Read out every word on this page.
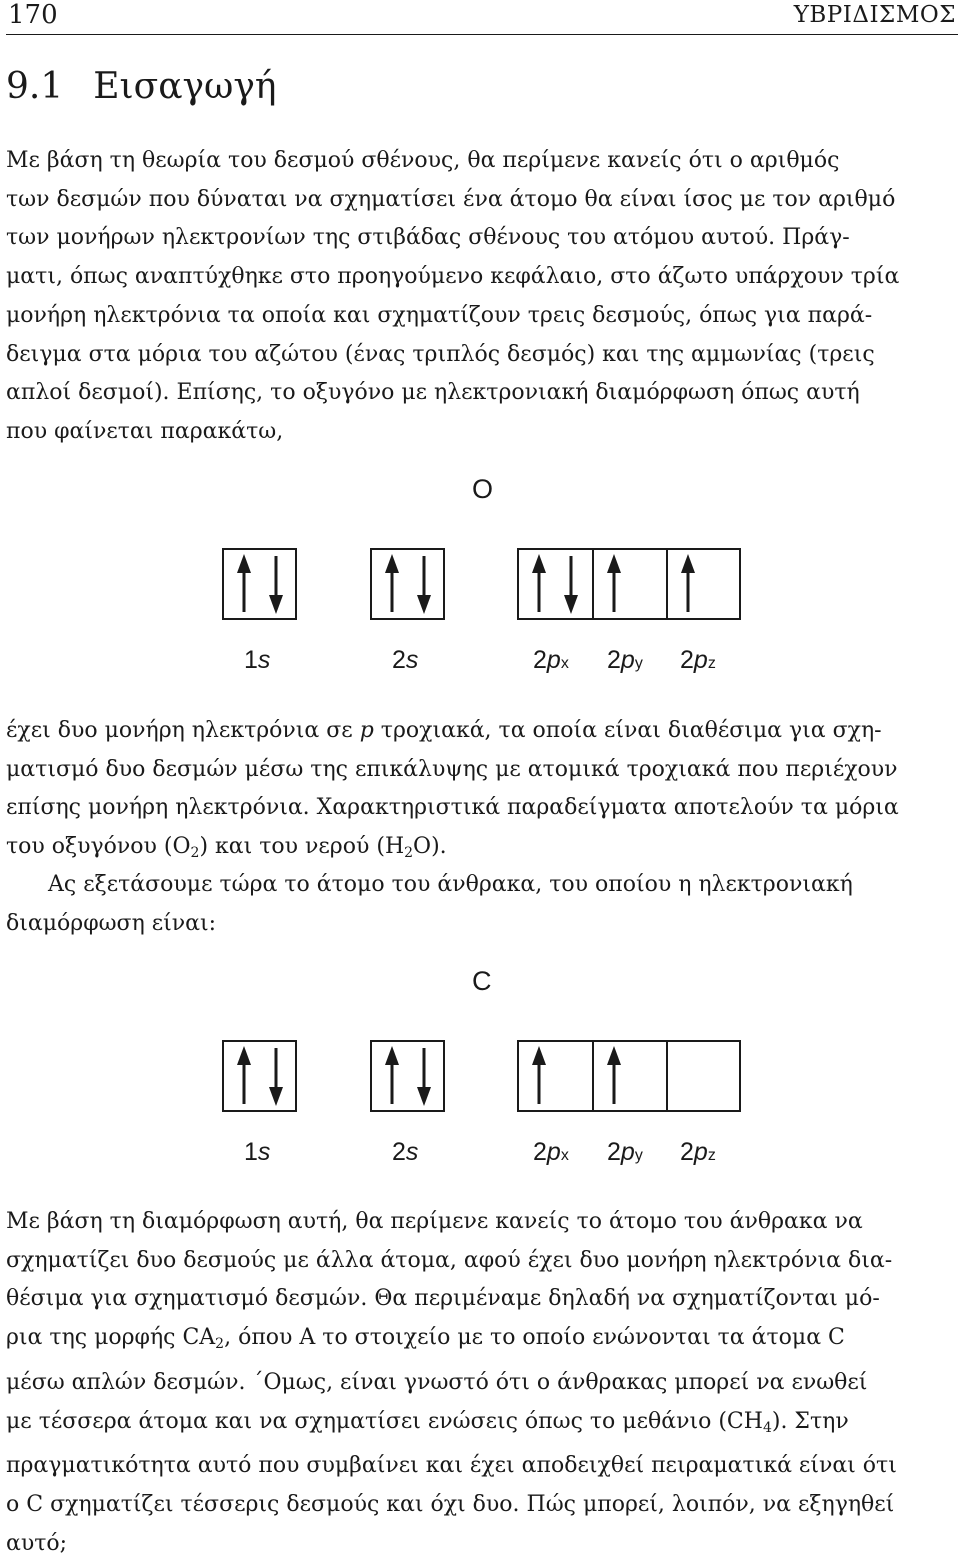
170	ΥΒΡΙΔΙΣΜΟΣ
9.1 Εισαγωγή

Με βάση τη θεωρία του δεσμού σθένους, θα περίμενε κανείς ότι ο αριθμός
των δεσμών που δύναται να σχηματίσει ένα άτομο θα είναι ίσος με τον αριθμό
των μονήρων ηλεκτρονίων της στιβάδας σθένους του ατόμου αυτού. Πράγ-
ματι, όπως αναπτύχθηκε στο προηγούμενο κεφάλαιο, στο άζωτο υπάρχουν τρία
μονήρη ηλεκτρόνια τα οποία και σχηματίζουν τρεις δεσμούς, όπως για παρά-
δειγμα στα μόρια του αζώτου (ένας τριπλός δεσμός) και της αμμωνίας (τρεις
απλοί δεσμοί). Επίσης, το οξυγόνο με ηλεκτρονιακή διαμόρφωση όπως αυτή
που φαίνεται παρακάτω,

O
1s	2s	2px 2py 2pz

έχει δυο μονήρη ηλεκτρόνια σε p τροχιακά, τα οποία είναι διαθέσιμα για σχη-
ματισμό δυο δεσμών μέσω της επικάλυψης με ατομικά τροχιακά που περιέχουν
επίσης μονήρη ηλεκτρόνια. Χαρακτηριστικά παραδείγματα αποτελούν τα μόρια
του οξυγόνου $(O_2)$ και του νερού $(H_2O)$.

Ας εξετάσουμε τώρα το άτομο του άνθρακα, του οποίου η ηλεκτρονιακή
διαμόρφωση είναι:

C
1s	2s	2px 2py 2pz

Με βάση τη διαμόρφωση αυτή, θα περίμενε κανείς το άτομο του άνθρακα να
σχηματίζει δυο δεσμούς με άλλα άτομα, αφού έχει δυο μονήρη ηλεκτρόνια δια-
θέσιμα για σχηματισμό δεσμών. Θα περιμέναμε δηλαδή να σχηματίζονται μό-
ρια της μορφής $CA_2$, όπου A το στοιχείο με το οποίο ενώνονται τα άτομα C
μέσω απλών δεσμών. ΄Ομως, είναι γνωστό ότι ο άνθρακας μπορεί να ενωθεί
με τέσσερα άτομα και να σχηματίσει ενώσεις όπως το μεθάνιο $(CH_4)$. Στην
πραγματικότητα αυτό που συμβαίνει και έχει αποδειχθεί πειραματικά είναι ότι
ο C σχηματίζει τέσσερις δεσμούς και όχι δυο. Πώς μπορεί, λοιπόν, να εξηγηθεί
αυτό;
